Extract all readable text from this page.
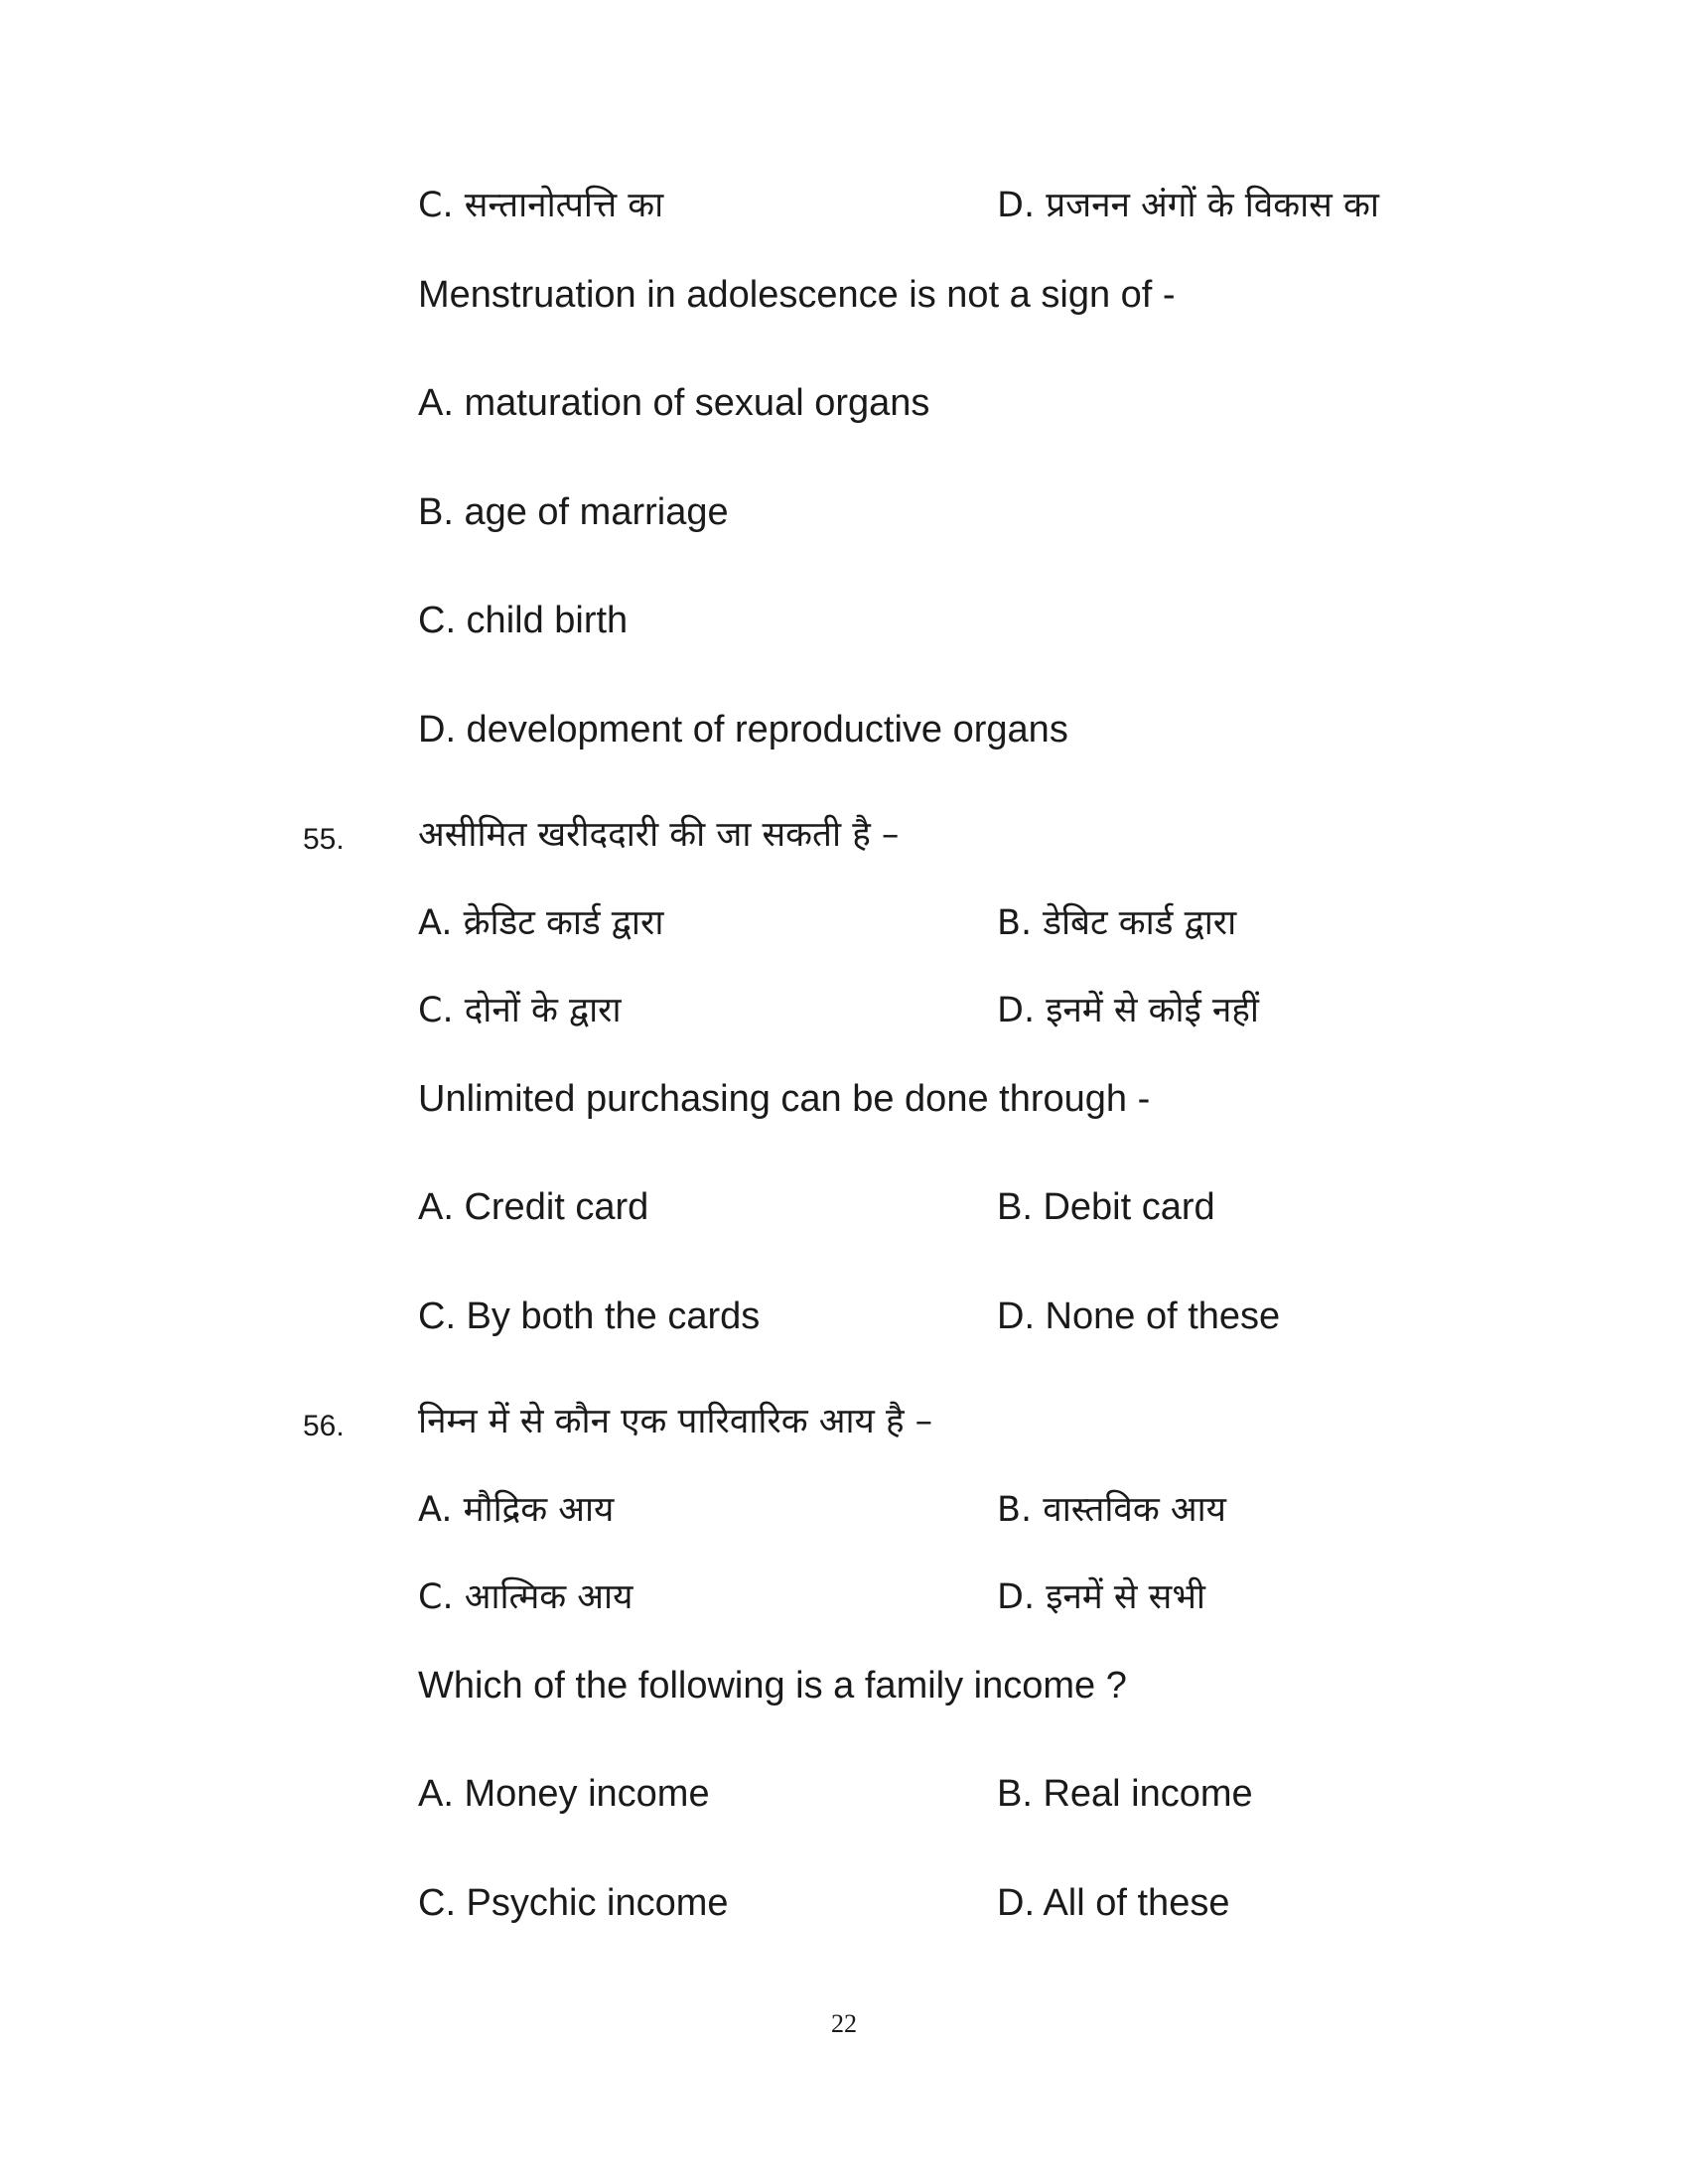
C. सन्तानोत्पत्ति का	D. प्रजनन अंगों के विकास का
Menstruation in adolescence is not a sign of -
A. maturation of sexual organs
B. age of marriage
C. child birth
D. development of reproductive organs
55. असीमित खरीददारी की जा सकती है –
A. क्रेडिट कार्ड द्वारा	B. डेबिट कार्ड द्वारा
C. दोनों के द्वारा	D. इनमें से कोई नहीं
Unlimited purchasing can be done through -
A. Credit card	B. Debit card
C. By both the cards	D. None of these
56. निम्न में से कौन एक पारिवारिक आय है –
A. मौद्रिक आय	B. वास्तविक आय
C. आत्मिक आय	D. इनमें से सभी
Which of the following is a family income ?
A. Money income	B. Real income
C. Psychic income	D. All of these
22
